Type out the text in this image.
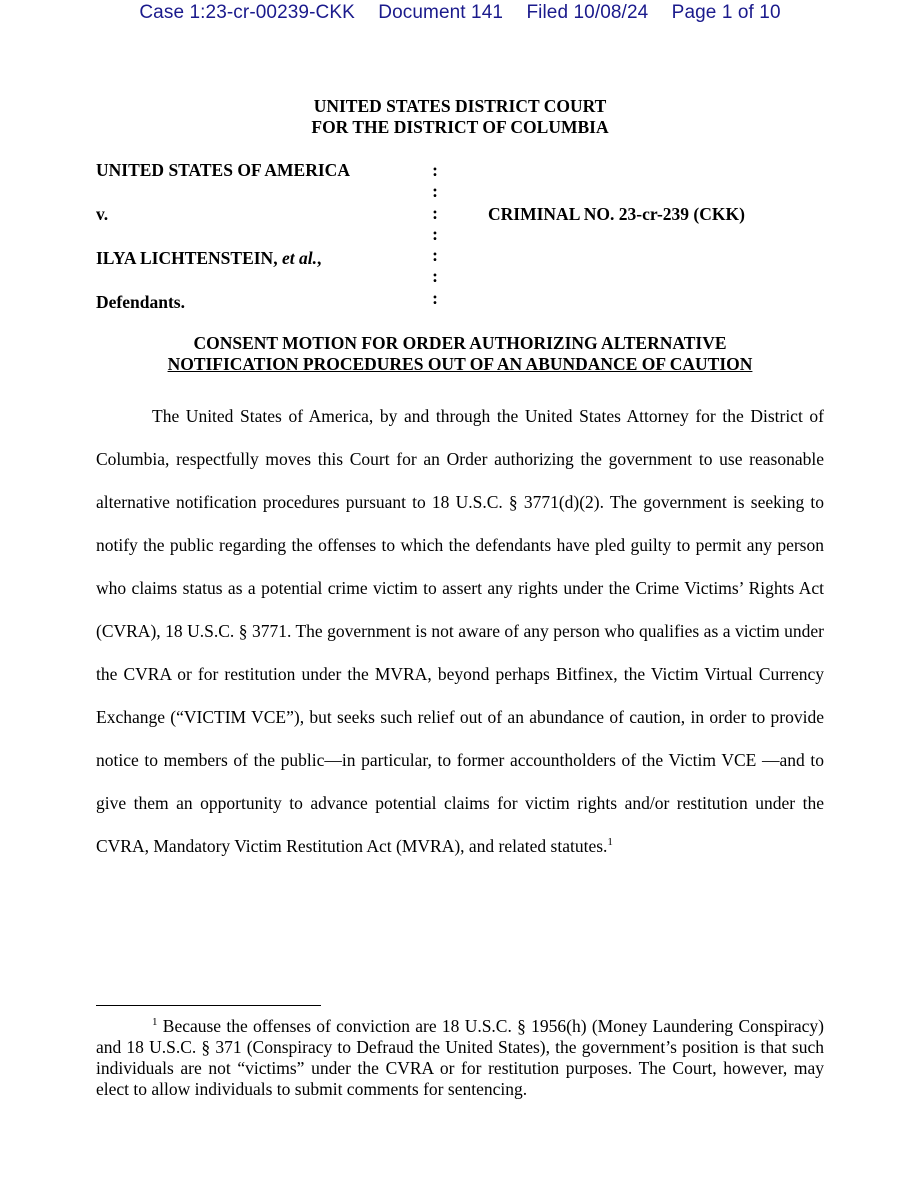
Case 1:23-cr-00239-CKK Document 141 Filed 10/08/24 Page 1 of 10
UNITED STATES DISTRICT COURT
FOR THE DISTRICT OF COLUMBIA
UNITED STATES OF AMERICA
v.
ILYA LICHTENSTEIN, et al.,
Defendants.
:
:
:
:
:
:
:
CRIMINAL NO. 23-cr-239 (CKK)
CONSENT MOTION FOR ORDER AUTHORIZING ALTERNATIVE
NOTIFICATION PROCEDURES OUT OF AN ABUNDANCE OF CAUTION

The United States of America, by and through the United States Attorney for the District of Columbia, respectfully moves this Court for an Order authorizing the government to use reasonable alternative notification procedures pursuant to 18 U.S.C. § 3771(d)(2). The government is seeking to notify the public regarding the offenses to which the defendants have pled guilty to permit any person who claims status as a potential crime victim to assert any rights under the Crime Victims’ Rights Act (CVRA), 18 U.S.C. § 3771. The government is not aware of any person who qualifies as a victim under the CVRA or for restitution under the MVRA, beyond perhaps Bitfinex, the Victim Virtual Currency Exchange (“VICTIM VCE”), but seeks such relief out of an abundance of caution, in order to provide notice to members of the public—in particular, to former accountholders of the Victim VCE —and to give them an opportunity to advance potential claims for victim rights and/or restitution under the CVRA, Mandatory Victim Restitution Act (MVRA), and related statutes.$^1$

$^1$ Because the offenses of conviction are 18 U.S.C. § 1956(h) (Money Laundering Conspiracy) and 18 U.S.C. § 371 (Conspiracy to Defraud the United States), the government’s position is that such individuals are not “victims” under the CVRA or for restitution purposes. The Court, however, may elect to allow individuals to submit comments for sentencing.
